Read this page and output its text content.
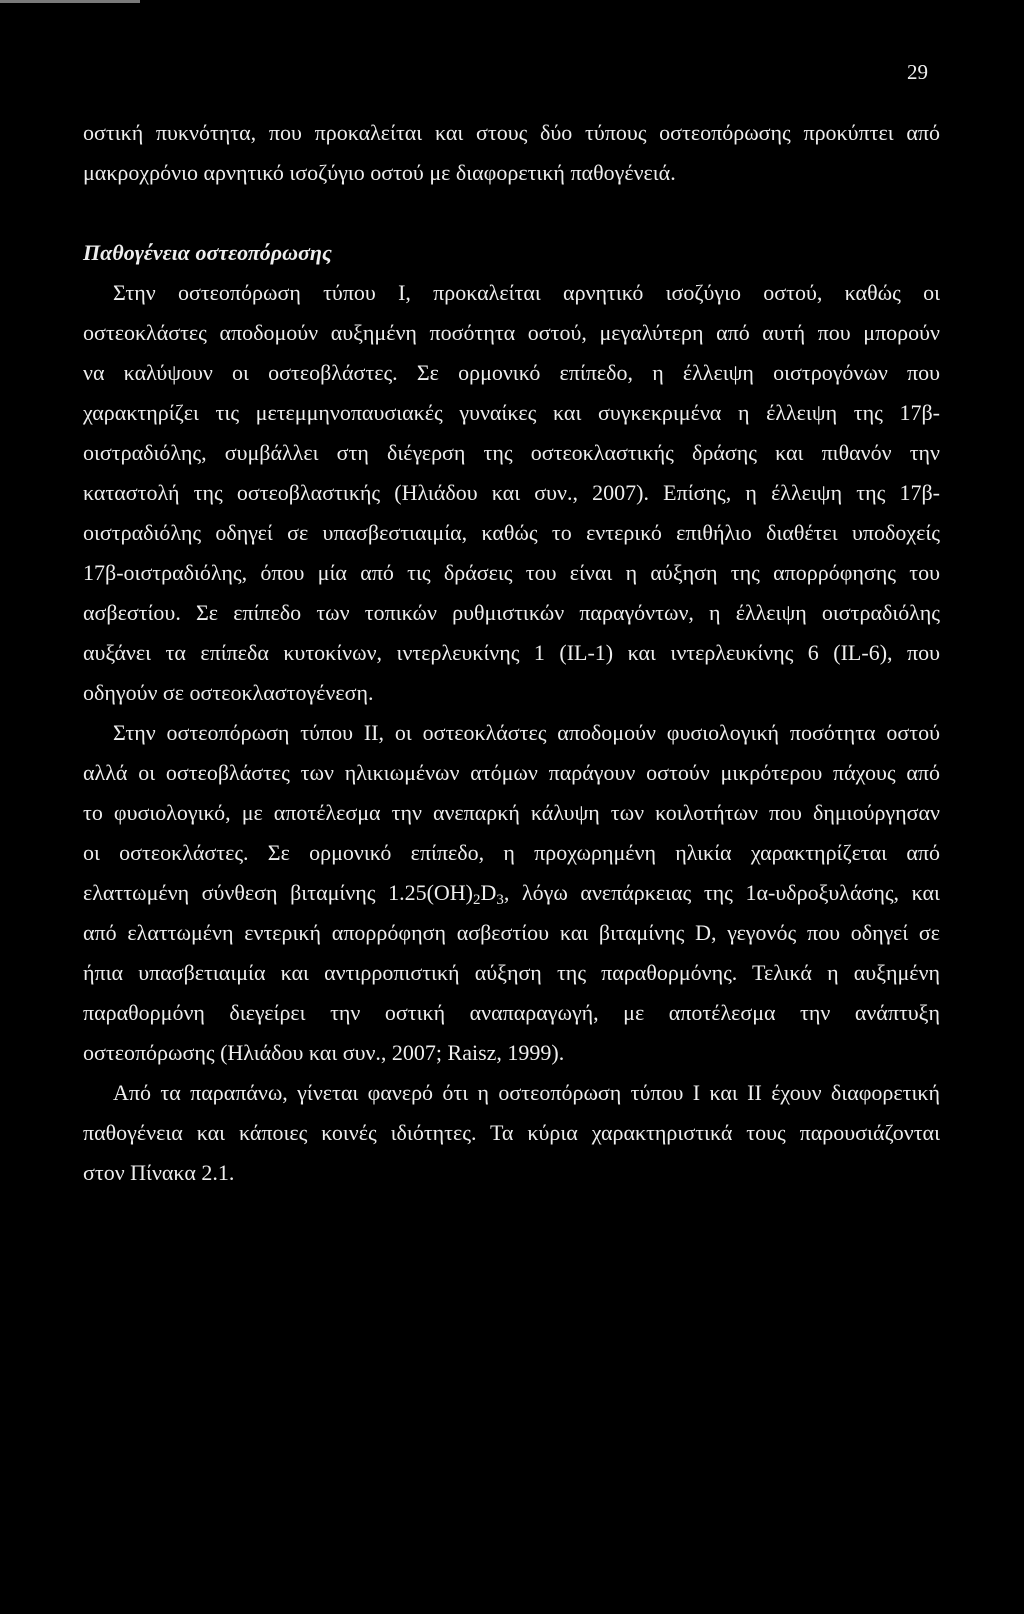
29
οστική πυκνότητα, που προκαλείται και στους δύο τύπους οστεοπόρωσης προκύπτει από
μακροχρόνιο αρνητικό ισοζύγιο οστού με διαφορετική παθογένειά.
Παθογένεια οστεοπόρωσης
Στην οστεοπόρωση τύπου I, προκαλείται αρνητικό ισοζύγιο οστού, καθώς οι
οστεοκλάστες αποδομούν αυξημένη ποσότητα οστού, μεγαλύτερη από αυτή που μπορούν
να καλύψουν οι οστεοβλάστες. Σε ορμονικό επίπεδο, η έλλειψη οιστρογόνων που
χαρακτηρίζει τις μετεμμηνοπαυσιακές γυναίκες και συγκεκριμένα η έλλειψη της 17β-
οιστραδιόλης, συμβάλλει στη διέγερση της οστεοκλαστικής δράσης και πιθανόν την
καταστολή της οστεοβλαστικής (Ηλιάδου και συν., 2007). Επίσης, η έλλειψη της 17β-
οιστραδιόλης οδηγεί σε υπασβεστιαιμία, καθώς το εντερικό επιθήλιο διαθέτει υποδοχείς
17β-οιστραδιόλης, όπου μία από τις δράσεις του είναι η αύξηση της απορρόφησης του
ασβεστίου. Σε επίπεδο των τοπικών ρυθμιστικών παραγόντων, η έλλειψη οιστραδιόλης
αυξάνει τα επίπεδα κυτοκίνων, ιντερλευκίνης 1 (IL-1) και ιντερλευκίνης 6 (IL-6), που
οδηγούν σε οστεοκλαστογένεση.
Στην οστεοπόρωση τύπου II, οι οστεοκλάστες αποδομούν φυσιολογική ποσότητα οστού
αλλά οι οστεοβλάστες των ηλικιωμένων ατόμων παράγουν οστούν μικρότερου πάχους από
το φυσιολογικό, με αποτέλεσμα την ανεπαρκή κάλυψη των κοιλοτήτων που δημιούργησαν
οι οστεοκλάστες. Σε ορμονικό επίπεδο, η προχωρημένη ηλικία χαρακτηρίζεται από
ελαττωμένη σύνθεση βιταμίνης $1.25(OH)_2D_3$, λόγω ανεπάρκειας της 1α-υδροξυλάσης, και
από ελαττωμένη εντερική απορρόφηση ασβεστίου και βιταμίνης D, γεγονός που οδηγεί σε
ήπια υπασβετιαιμία και αντιρροπιστική αύξηση της παραθορμόνης. Τελικά η αυξημένη
παραθορμόνη διεγείρει την οστική αναπαραγωγή, με αποτέλεσμα την ανάπτυξη
οστεοπόρωσης (Ηλιάδου και συν., 2007; Raisz, 1999).
Από τα παραπάνω, γίνεται φανερό ότι η οστεοπόρωση τύπου I και II έχουν διαφορετική
παθογένεια και κάποιες κοινές ιδιότητες. Τα κύρια χαρακτηριστικά τους παρουσιάζονται
στον Πίνακα 2.1.
